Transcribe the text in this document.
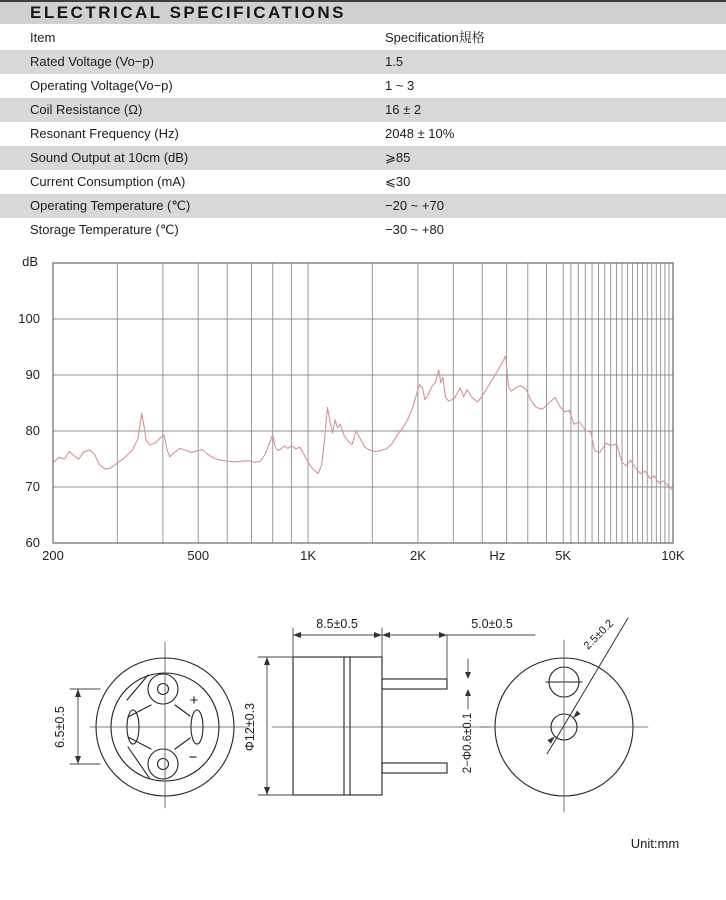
ELECTRICAL SPECIFICATIONS
Item	Specification規格
Rated Voltage (Vo−p)	1.5
Operating Voltage(Vo−p)	1 ~ 3
Coil Resistance (Ω)	16 ± 2
Resonant Frequency (Hz)	2048 ± 10%
Sound Output at 10cm (dB)	⩾85
Current Consumption (mA)	⩽30
Operating Temperature (℃)	−20 ~ +70
Storage Temperature (℃)	−30 ~ +80
dB
100
90
80
70
60
200	500	1K	2K	Hz	5K	10K
6.5±0.5
8.5±0.5	5.0±0.5
Φ12±0.3	2−Φ0.6±0.1
2.5±0.2
+
−
Unit:mm
